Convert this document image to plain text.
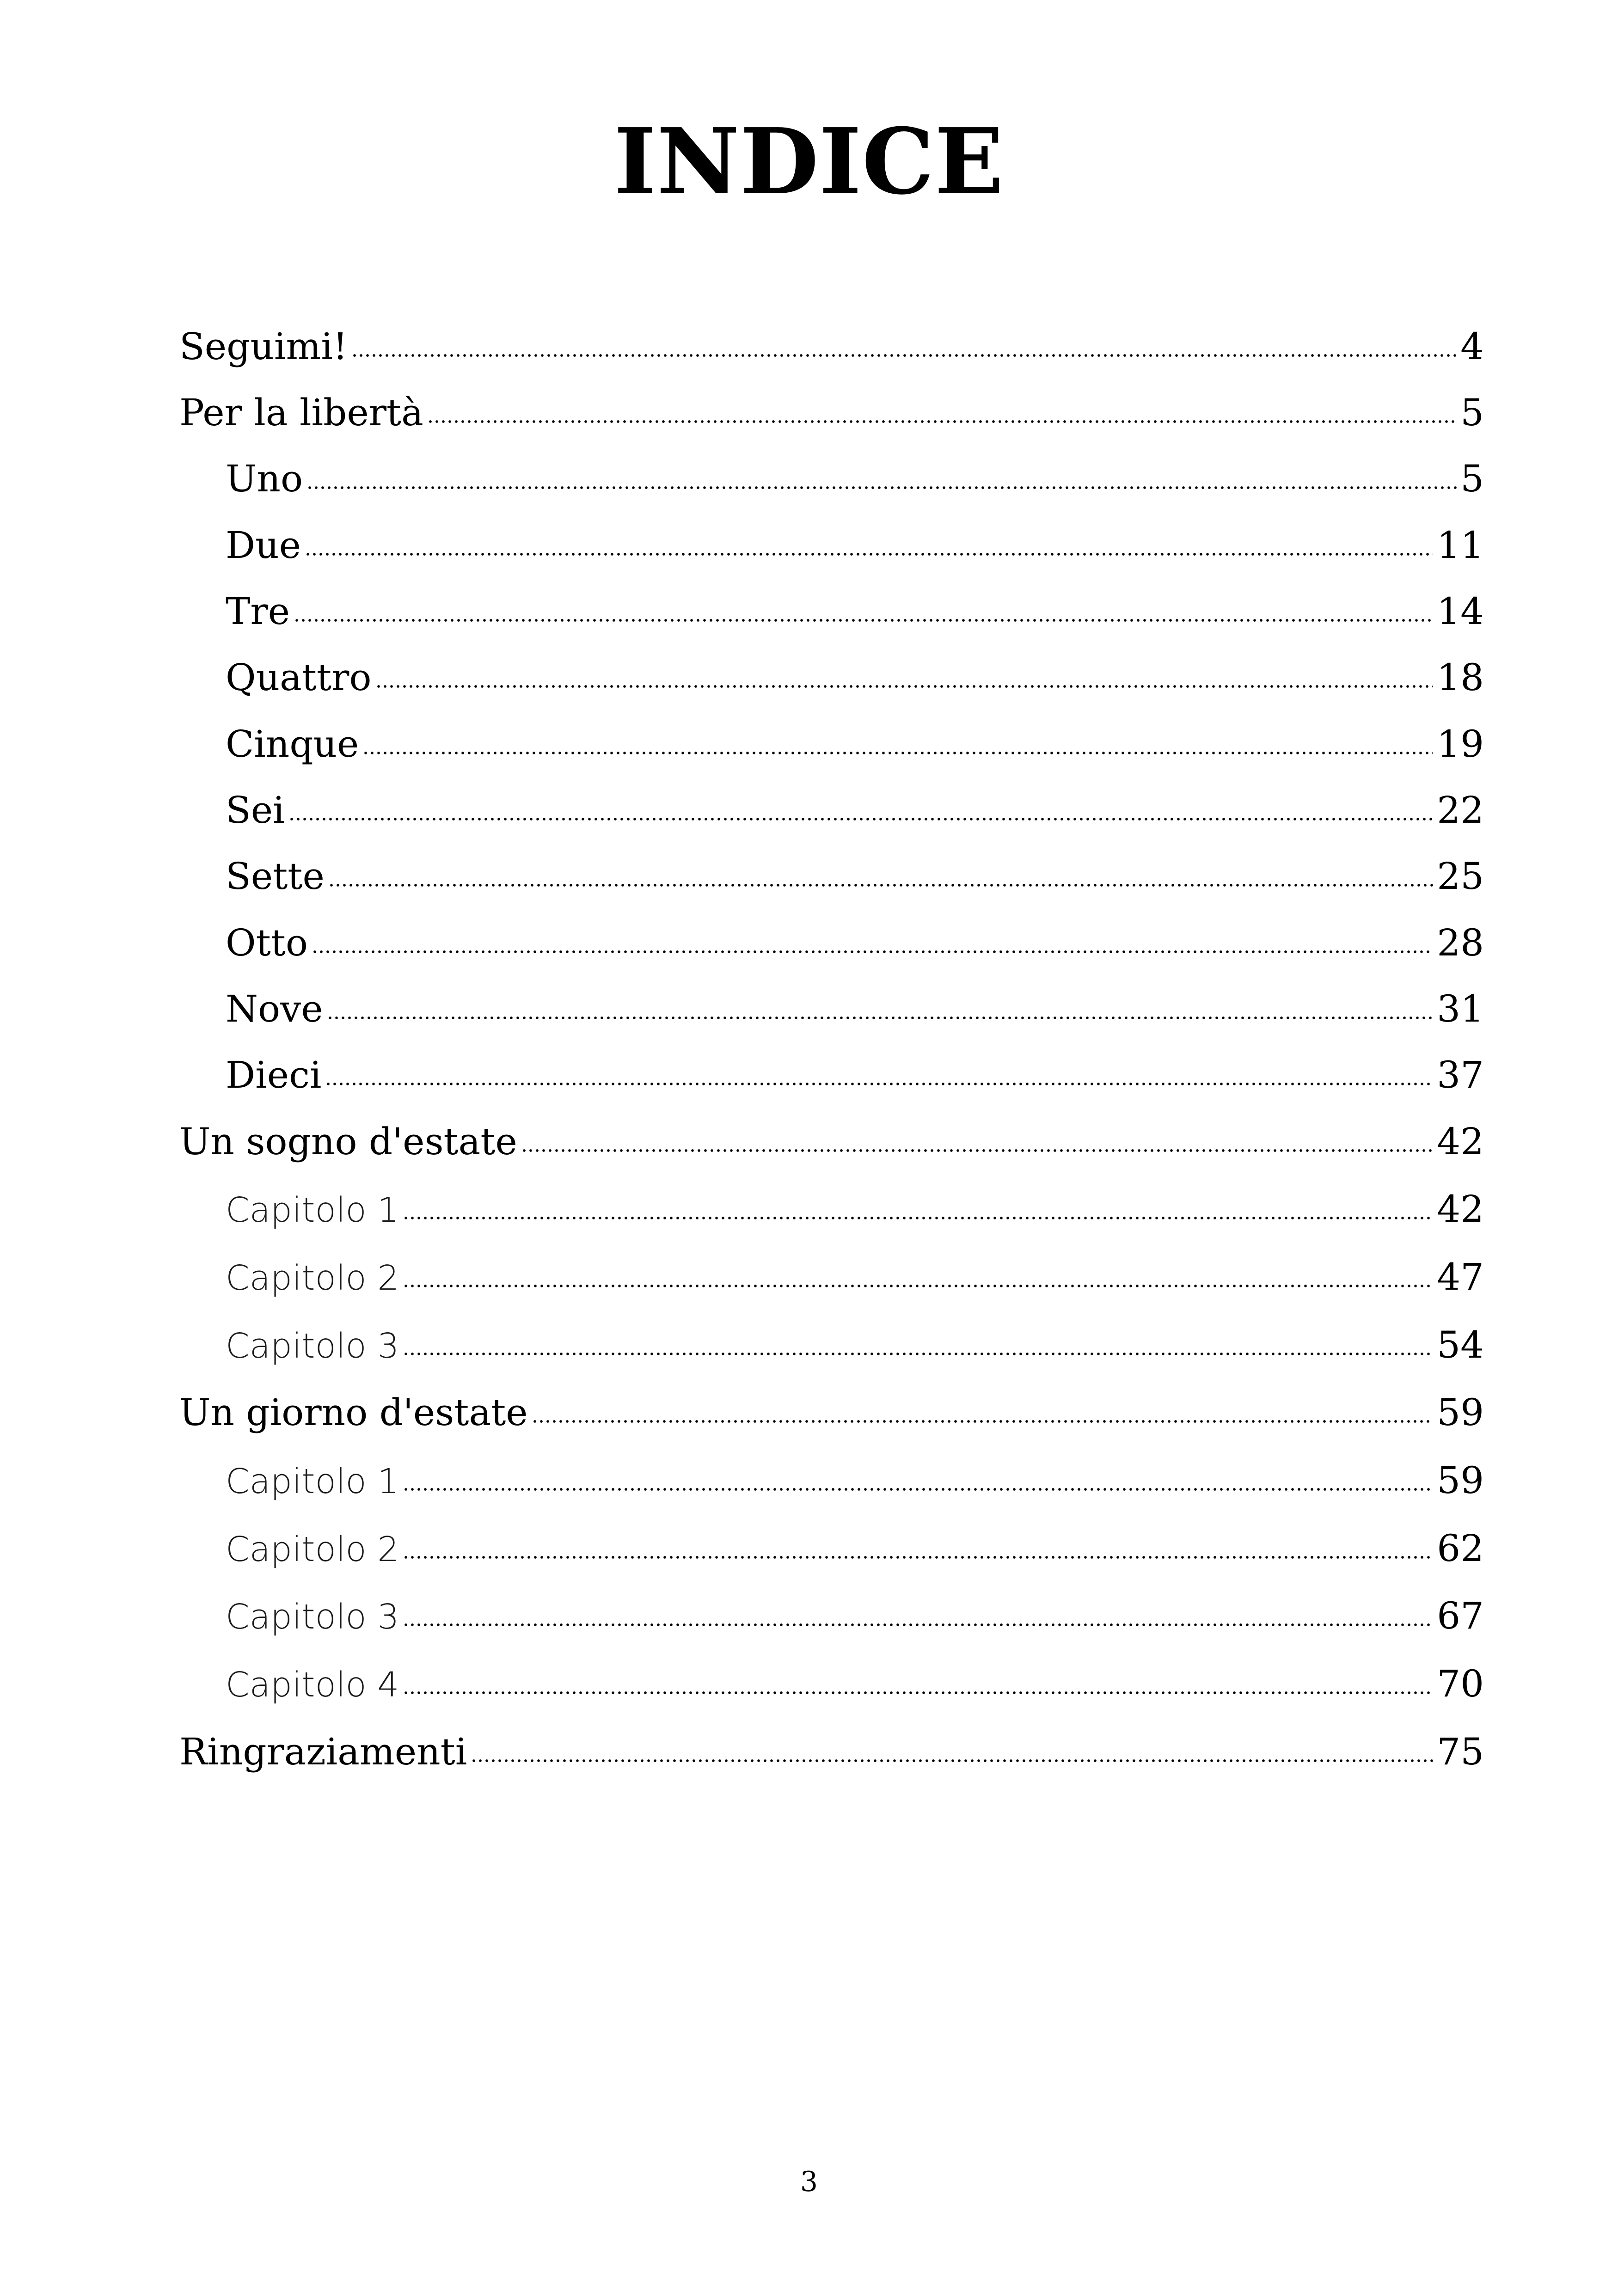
INDICE
Seguimi!	4
Per la libertà	5
Uno	5
Due	11
Tre	14
Quattro	18
Cinque	19
Sei	22
Sette	25
Otto	28
Nove	31
Dieci	37
Un sogno d'estate	42
Capitolo 1	42
Capitolo 2	47
Capitolo 3	54
Un giorno d'estate	59
Capitolo 1	59
Capitolo 2	62
Capitolo 3	67
Capitolo 4	70
Ringraziamenti	75
3
